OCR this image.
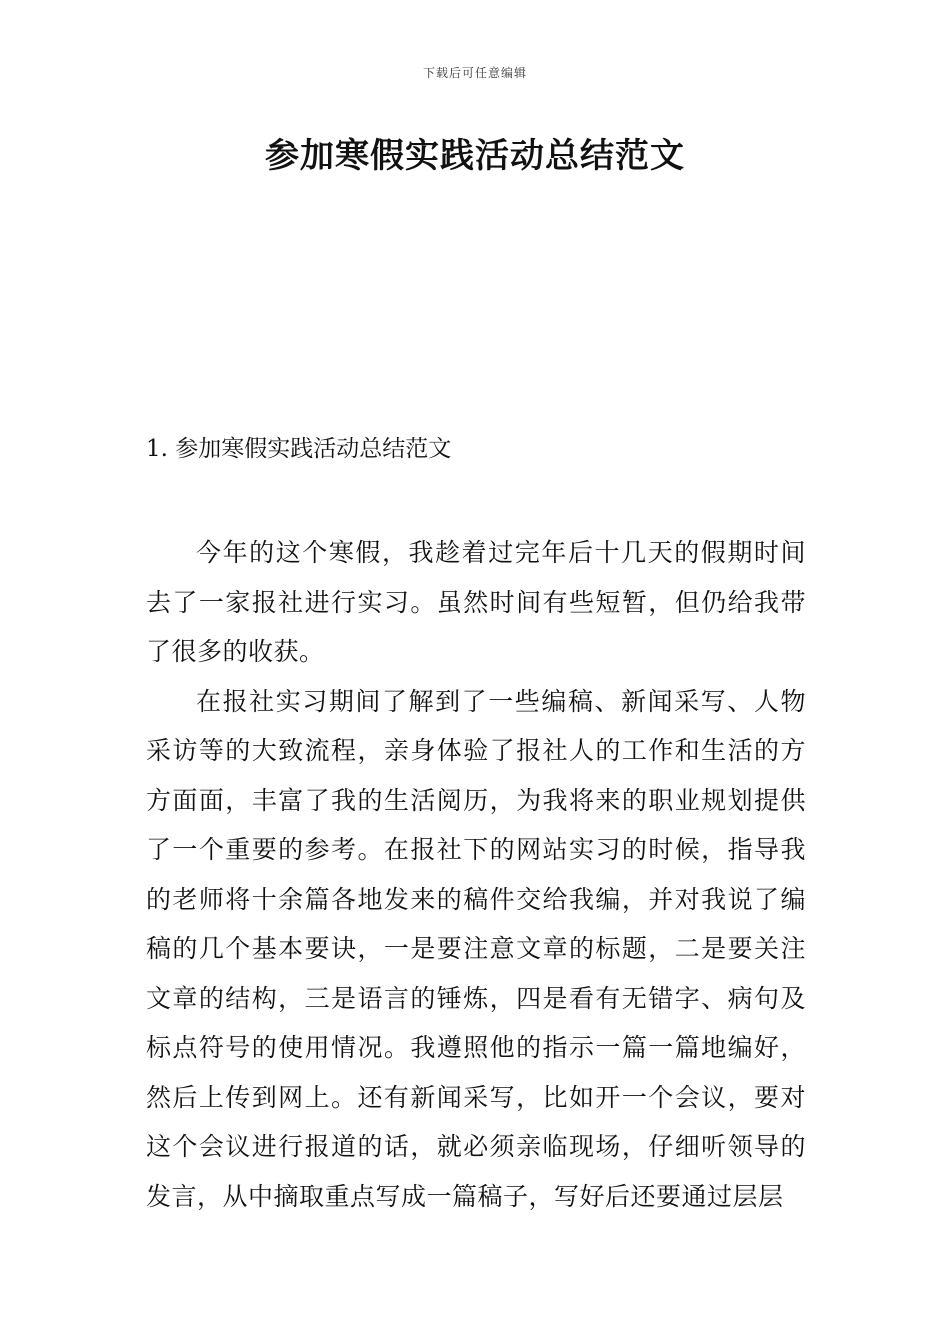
下载后可任意编辑
参加寒假实践活动总结范文
1. 参加寒假实践活动总结范文

今年的这个寒假，我趁着过完年后十几天的假期时间去了一家报社进行实习。虽然时间有些短暂，但仍给我带了很多的收获。

在报社实习期间了解到了一些编稿、新闻采写、人物采访等的大致流程，亲身体验了报社人的工作和生活的方方面面，丰富了我的生活阅历，为我将来的职业规划提供了一个重要的参考。在报社下的网站实习的时候，指导我的老师将十余篇各地发来的稿件交给我编，并对我说了编稿的几个基本要诀，一是要注意文章的标题，二是要关注文章的结构，三是语言的锤炼，四是看有无错字、病句及标点符号的使用情况。我遵照他的指示一篇一篇地编好，然后上传到网上。还有新闻采写，比如开一个会议，要对这个会议进行报道的话，就必须亲临现场，仔细听领导的发言，从中摘取重点写成一篇稿子，写好后还要通过层层
